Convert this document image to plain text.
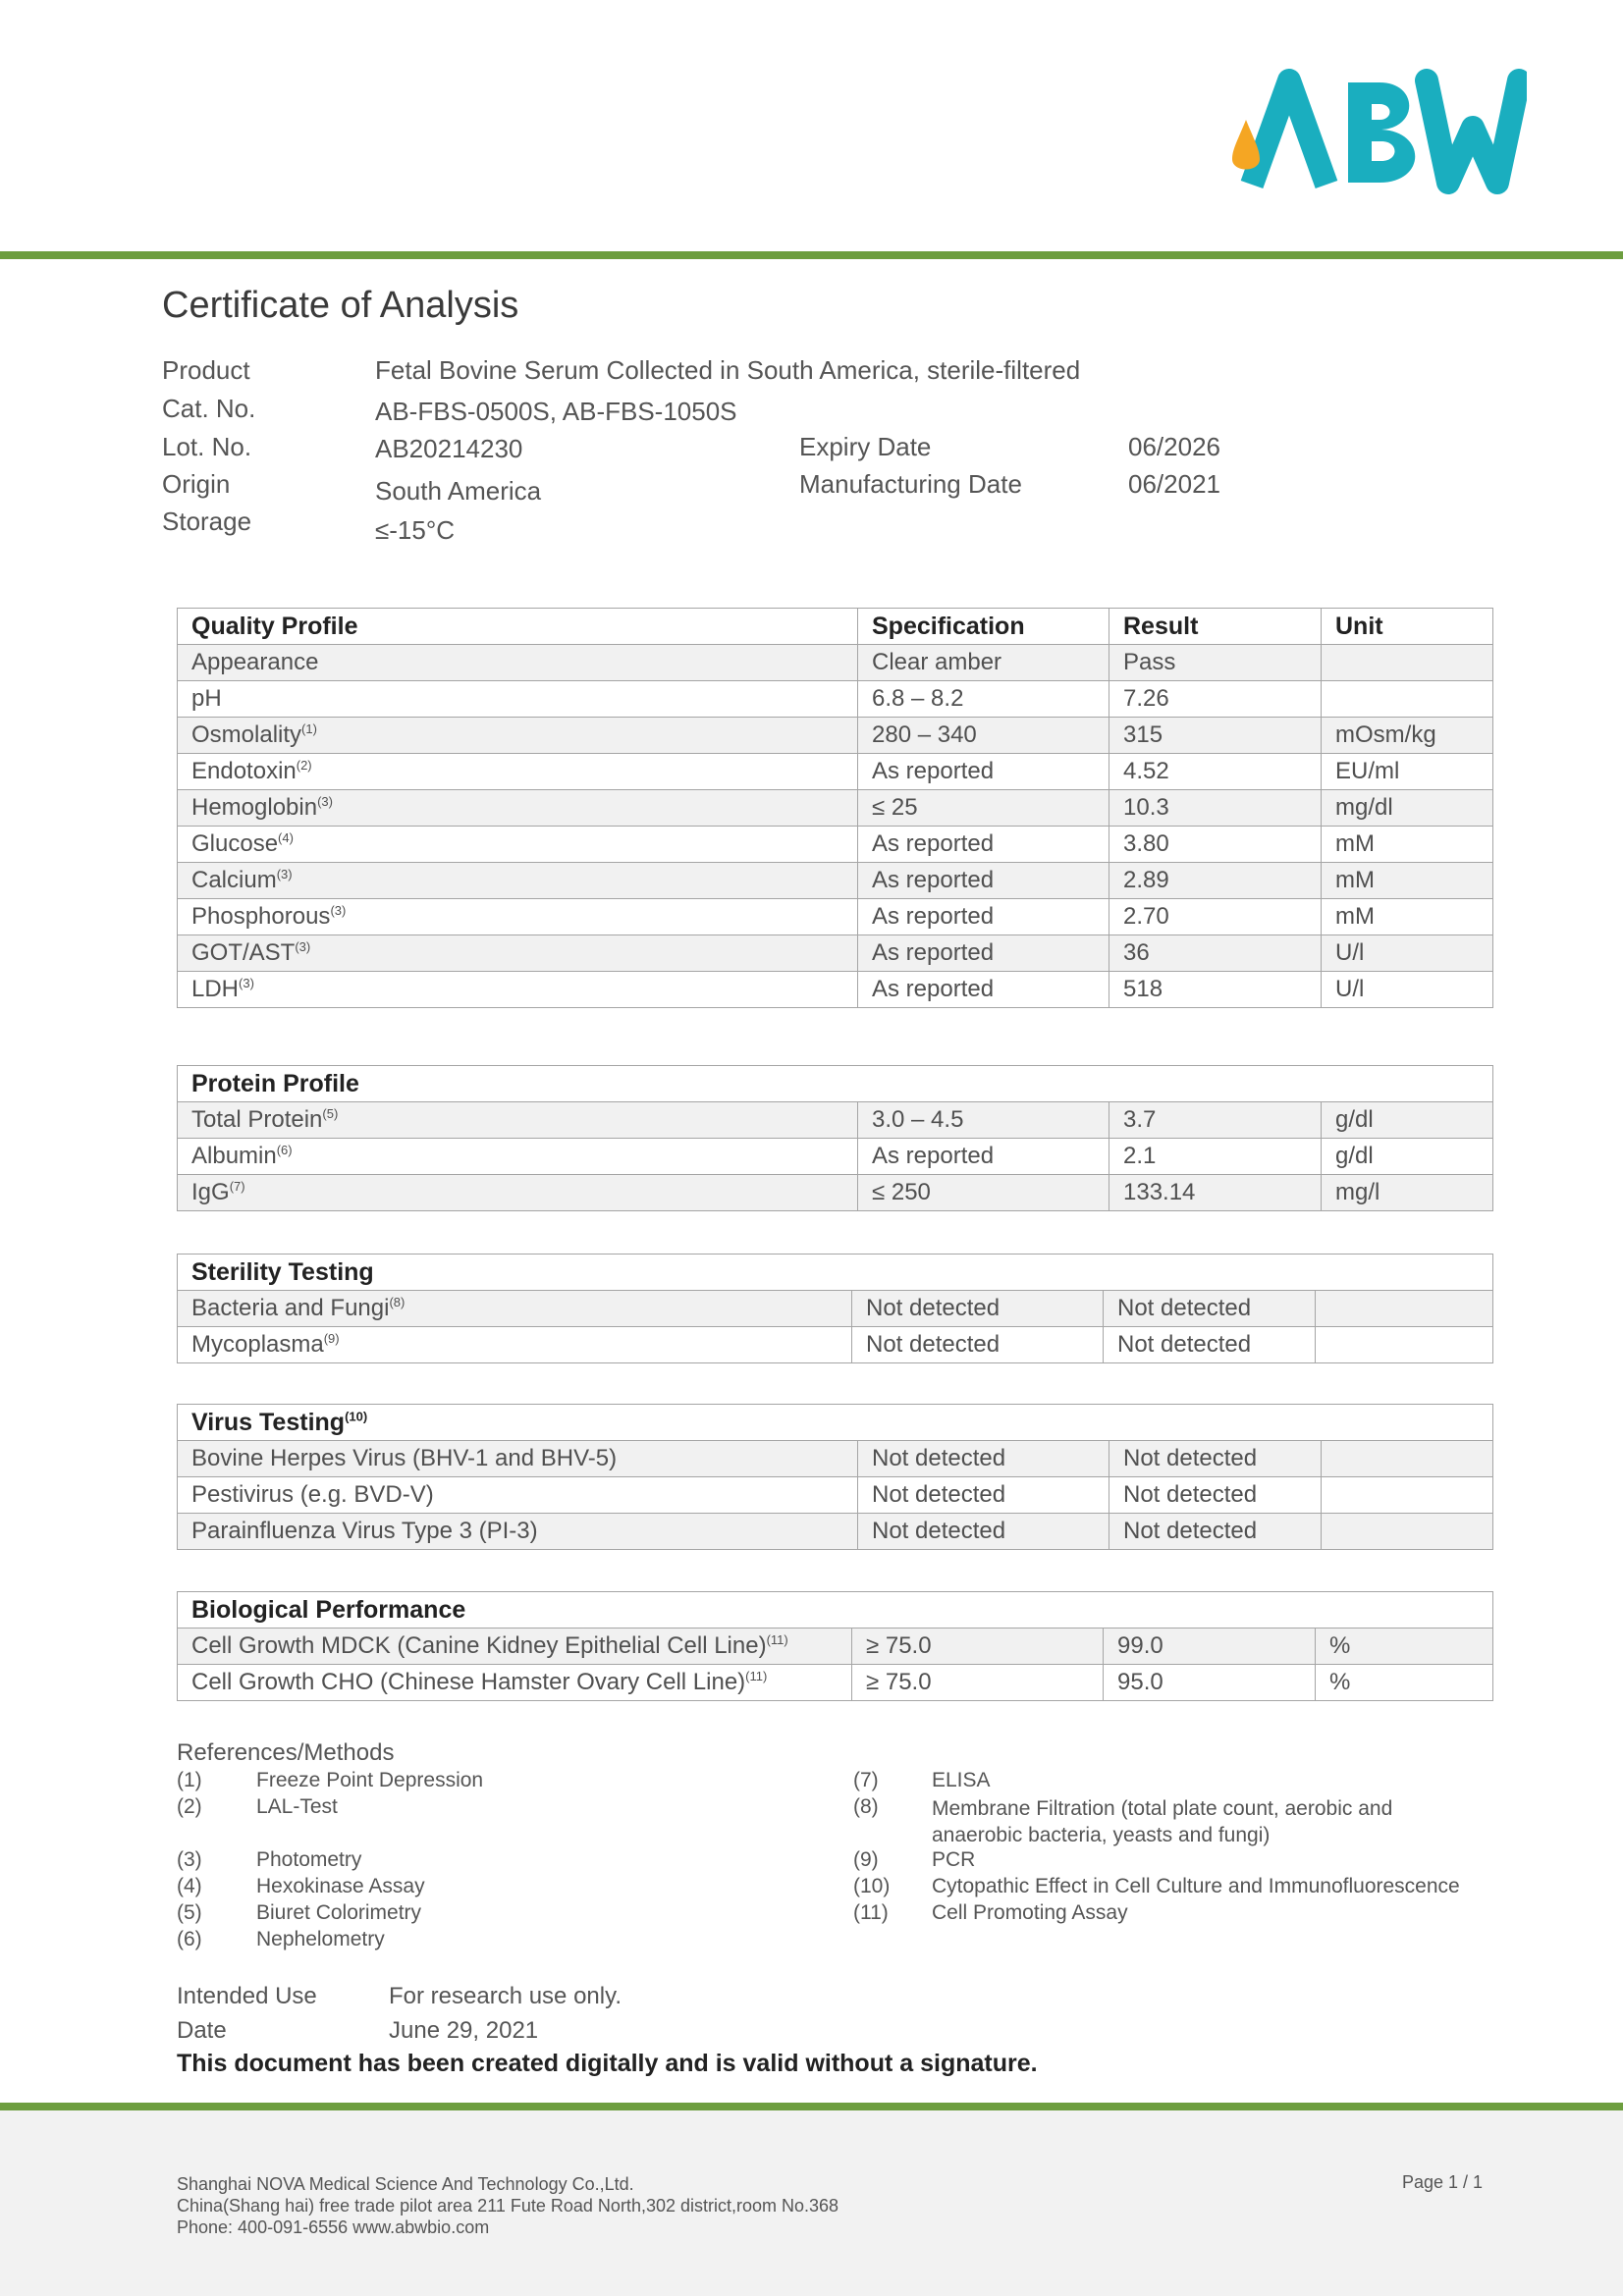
Certificate of Analysis
Product	Fetal Bovine Serum Collected in South America, sterile-filtered
Cat. No.	AB-FBS-0500S, AB-FBS-1050S
Lot. No.	AB20214230
Origin	South America
Storage	≤-15°C
Expiry Date	06/2026
Manufacturing Date	06/2021
Quality Profile	Specification	Result	Unit
Appearance	Clear amber	Pass	
pH	6.8 – 8.2	7.26	
Osmolality$^{(1)}$	280 – 340	315	mOsm/kg
Endotoxin$^{(2)}$	As reported	4.52	EU/ml
Hemoglobin$^{(3)}$	≤ 25	10.3	mg/dl
Glucose$^{(4)}$	As reported	3.80	mM
Calcium$^{(3)}$	As reported	2.89	mM
Phosphorous$^{(3)}$	As reported	2.70	mM
GOT/AST$^{(3)}$	As reported	36	U/l
LDH$^{(3)}$	As reported	518	U/l
Protein Profile			
Total Protein$^{(5)}$	3.0 – 4.5	3.7	g/dl
Albumin$^{(6)}$	As reported	2.1	g/dl
IgG$^{(7)}$	≤ 250	133.14	mg/l
Sterility Testing			
Bacteria and Fungi$^{(8)}$	Not detected	Not detected	
Mycoplasma$^{(9)}$	Not detected	Not detected	
Virus Testing$^{(10)}$
Bovine Herpes Virus (BHV-1 and BHV-5)	Not detected	Not detected	
Pestivirus (e.g. BVD-V)	Not detected	Not detected	
Parainfluenza Virus Type 3 (PI-3)	Not detected	Not detected	
Biological Performance			
Cell Growth MDCK (Canine Kidney Epithelial Cell Line)$^{(11)}$	≥ 75.0	99.0	%
Cell Growth CHO (Chinese Hamster Ovary Cell Line)$^{(11)}$	≥ 75.0	95.0	%
References/Methods
(1)	Freeze Point Depression
(2)	LAL-Test
(3)	Photometry
(4)	Hexokinase Assay
(5)	Biuret Colorimetry
(6)	Nephelometry
(7)	ELISA
(8)	Membrane Filtration (total plate count, aerobic and anaerobic bacteria, yeasts and fungi)
(9)	PCR
(10) Cytopathic Effect in Cell Culture and Immunofluorescence
(11) Cell Promoting Assay
Intended Use	For research use only.
Date	June 29, 2021
This document has been created digitally and is valid without a signature.
Shanghai NOVA Medical Science And Technology Co.,Ltd.
China(Shang hai) free trade pilot area 211 Fute Road North,302 district,room No.368
Phone: 400-091-6556 www.abwbio.com
Page 1 / 1
